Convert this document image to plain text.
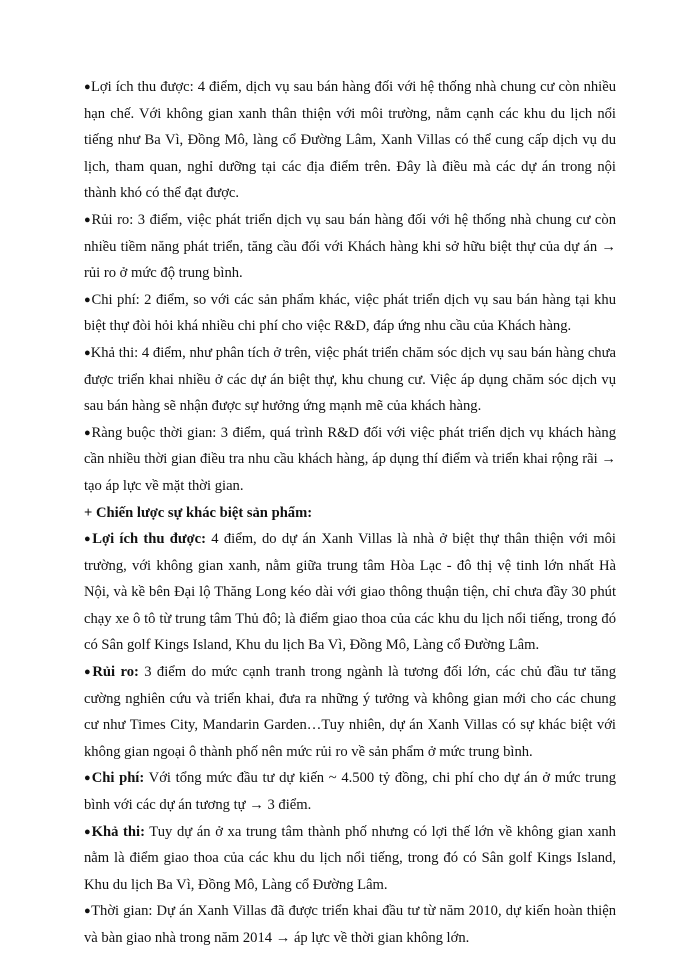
●Lợi ích thu được: 4 điểm, dịch vụ sau bán hàng đối với hệ thống nhà chung cư còn nhiều hạn chế. Với không gian xanh thân thiện với môi trường, nằm cạnh các khu du lịch nổi tiếng như Ba Vì, Đồng Mô, làng cổ Đường Lâm, Xanh Villas có thể cung cấp dịch vụ du lịch, tham quan, nghỉ dưỡng tại các địa điểm trên. Đây là điều mà các dự án trong nội thành khó có thể đạt được.

●Rủi ro: 3 điểm, việc phát triển dịch vụ sau bán hàng đối với hệ thống nhà chung cư còn nhiều tiềm năng phát triển, tăng cầu đối với Khách hàng khi sở hữu biệt thự của dự án → rủi ro ở mức độ trung bình.

●Chi phí: 2 điểm, so với các sản phẩm khác, việc phát triển dịch vụ sau bán hàng tại khu biệt thự đòi hỏi khá nhiều chi phí cho việc R&D, đáp ứng nhu cầu của Khách hàng.

●Khả thi: 4 điểm, như phân tích ở trên, việc phát triển chăm sóc dịch vụ sau bán hàng chưa được triển khai nhiều ở các dự án biệt thự, khu chung cư. Việc áp dụng chăm sóc dịch vụ sau bán hàng sẽ nhận được sự hưởng ứng mạnh mẽ của khách hàng.

●Ràng buộc thời gian: 3 điểm, quá trình R&D đối với việc phát triển dịch vụ khách hàng cần nhiều thời gian điều tra nhu cầu khách hàng, áp dụng thí điểm và triển khai rộng rãi → tạo áp lực về mặt thời gian.

+ Chiến lược sự khác biệt sản phẩm:

●Lợi ích thu được: 4 điểm, do dự án Xanh Villas là nhà ở biệt thự thân thiện với môi trường, với không gian xanh, nằm giữa trung tâm Hòa Lạc - đô thị vệ tinh lớn nhất Hà Nội, và kề bên Đại lộ Thăng Long kéo dài với giao thông thuận tiện, chỉ chưa đầy 30 phút chạy xe ô tô từ trung tâm Thủ đô; là điểm giao thoa của các khu du lịch nổi tiếng, trong đó có Sân golf Kings Island, Khu du lịch Ba Vì, Đồng Mô, Làng cổ Đường Lâm.

●Rủi ro: 3 điểm do mức cạnh tranh trong ngành là tương đối lớn, các chủ đầu tư tăng cường nghiên cứu và triển khai, đưa ra những ý tưởng và không gian mới cho các chung cư như Times City, Mandarin Garden…Tuy nhiên, dự án Xanh Villas có sự khác biệt với không gian ngoại ô thành phố nên mức rủi ro về sản phẩm ở mức trung bình.

●Chi phí: Với tổng mức đầu tư dự kiến ~ 4.500 tỷ đồng, chi phí cho dự án ở mức trung bình với các dự án tương tự → 3 điểm.

●Khả thi: Tuy dự án ở xa trung tâm thành phố nhưng có lợi thế lớn về không gian xanh nằm là điểm giao thoa của các khu du lịch nổi tiếng, trong đó có Sân golf Kings Island, Khu du lịch Ba Vì, Đồng Mô, Làng cổ Đường Lâm.

●Thời gian: Dự án Xanh Villas đã được triển khai đầu tư từ năm 2010, dự kiến hoàn thiện và bàn giao nhà trong năm 2014 → áp lực về thời gian không lớn.
